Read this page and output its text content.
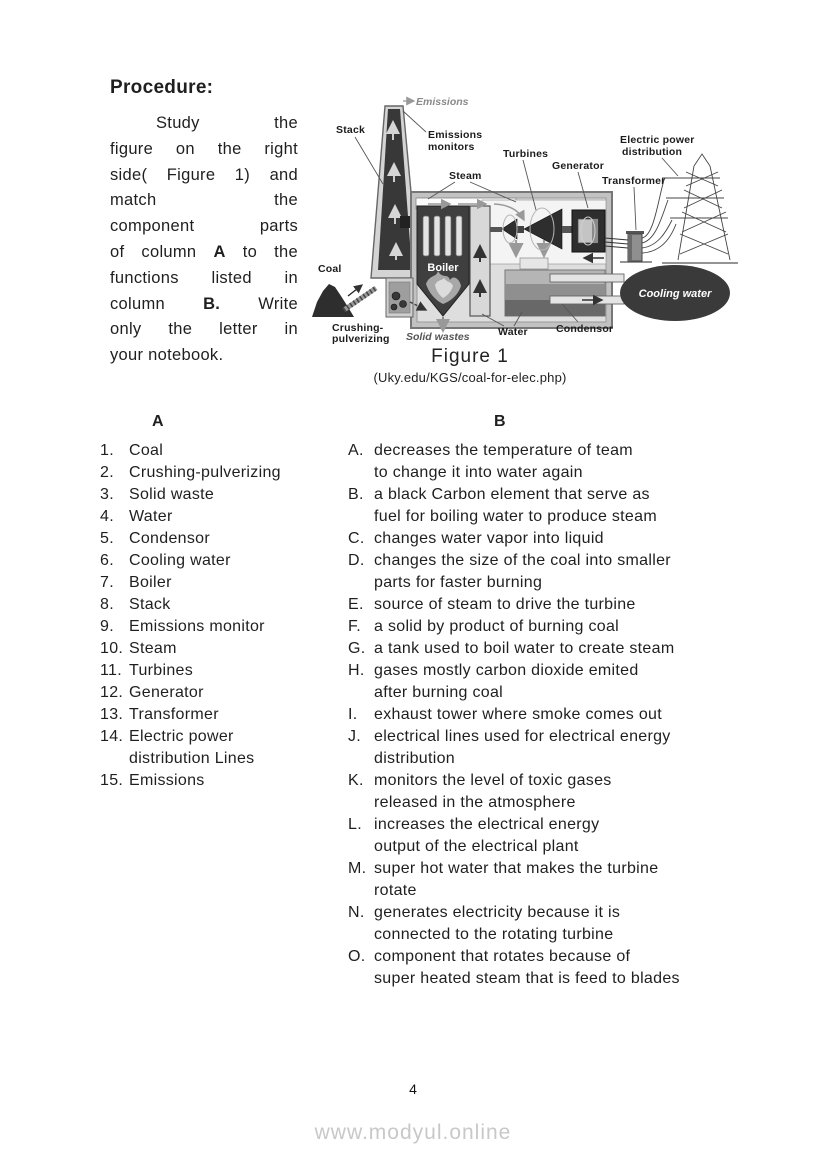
Procedure:
Study the
figure on the right
side( Figure 1) and
match the
component parts
of column A to the
functions listed in
column B. Write
only the letter in
your notebook.
Cooling water
Boiler
Emissions
Stack	Emissions
monitors
Steam
Turbines
Generator
Transformer
Electric power
distribution
Coal
Crushing-
pulverizing Solid wastes	Water	Condensor
Figure 1
(Uky.edu/KGS/coal-for-elec.php)
A
1. Coal
2. Crushing-pulverizing
3. Solid waste
4. Water
5. Condensor
6. Cooling water
7. Boiler
8. Stack
9. Emissions monitor
10. Steam
11. Turbines
12. Generator
13. Transformer
14. Electric power
distribution Lines
15. Emissions
B
A. decreases the temperature of team
to change it into water again
B. a black Carbon element that serve as
fuel for boiling water to produce steam
C. changes water vapor into liquid
D. changes the size of the coal into smaller
parts for faster burning
E. source of steam to drive the turbine
F. a solid by product of burning coal
G. a tank used to boil water to create steam
H. gases mostly carbon dioxide emited
after burning coal
I.	exhaust tower where smoke comes out
J. electrical lines used for electrical energy
distribution
K. monitors the level of toxic gases
released in the atmosphere
L. increases the electrical energy
output of the electrical plant
M. super hot water that makes the turbine
rotate
N. generates electricity because it is
connected to the rotating turbine
O. component that rotates because of
super heated steam that is feed to blades
4
www.modyul.online
